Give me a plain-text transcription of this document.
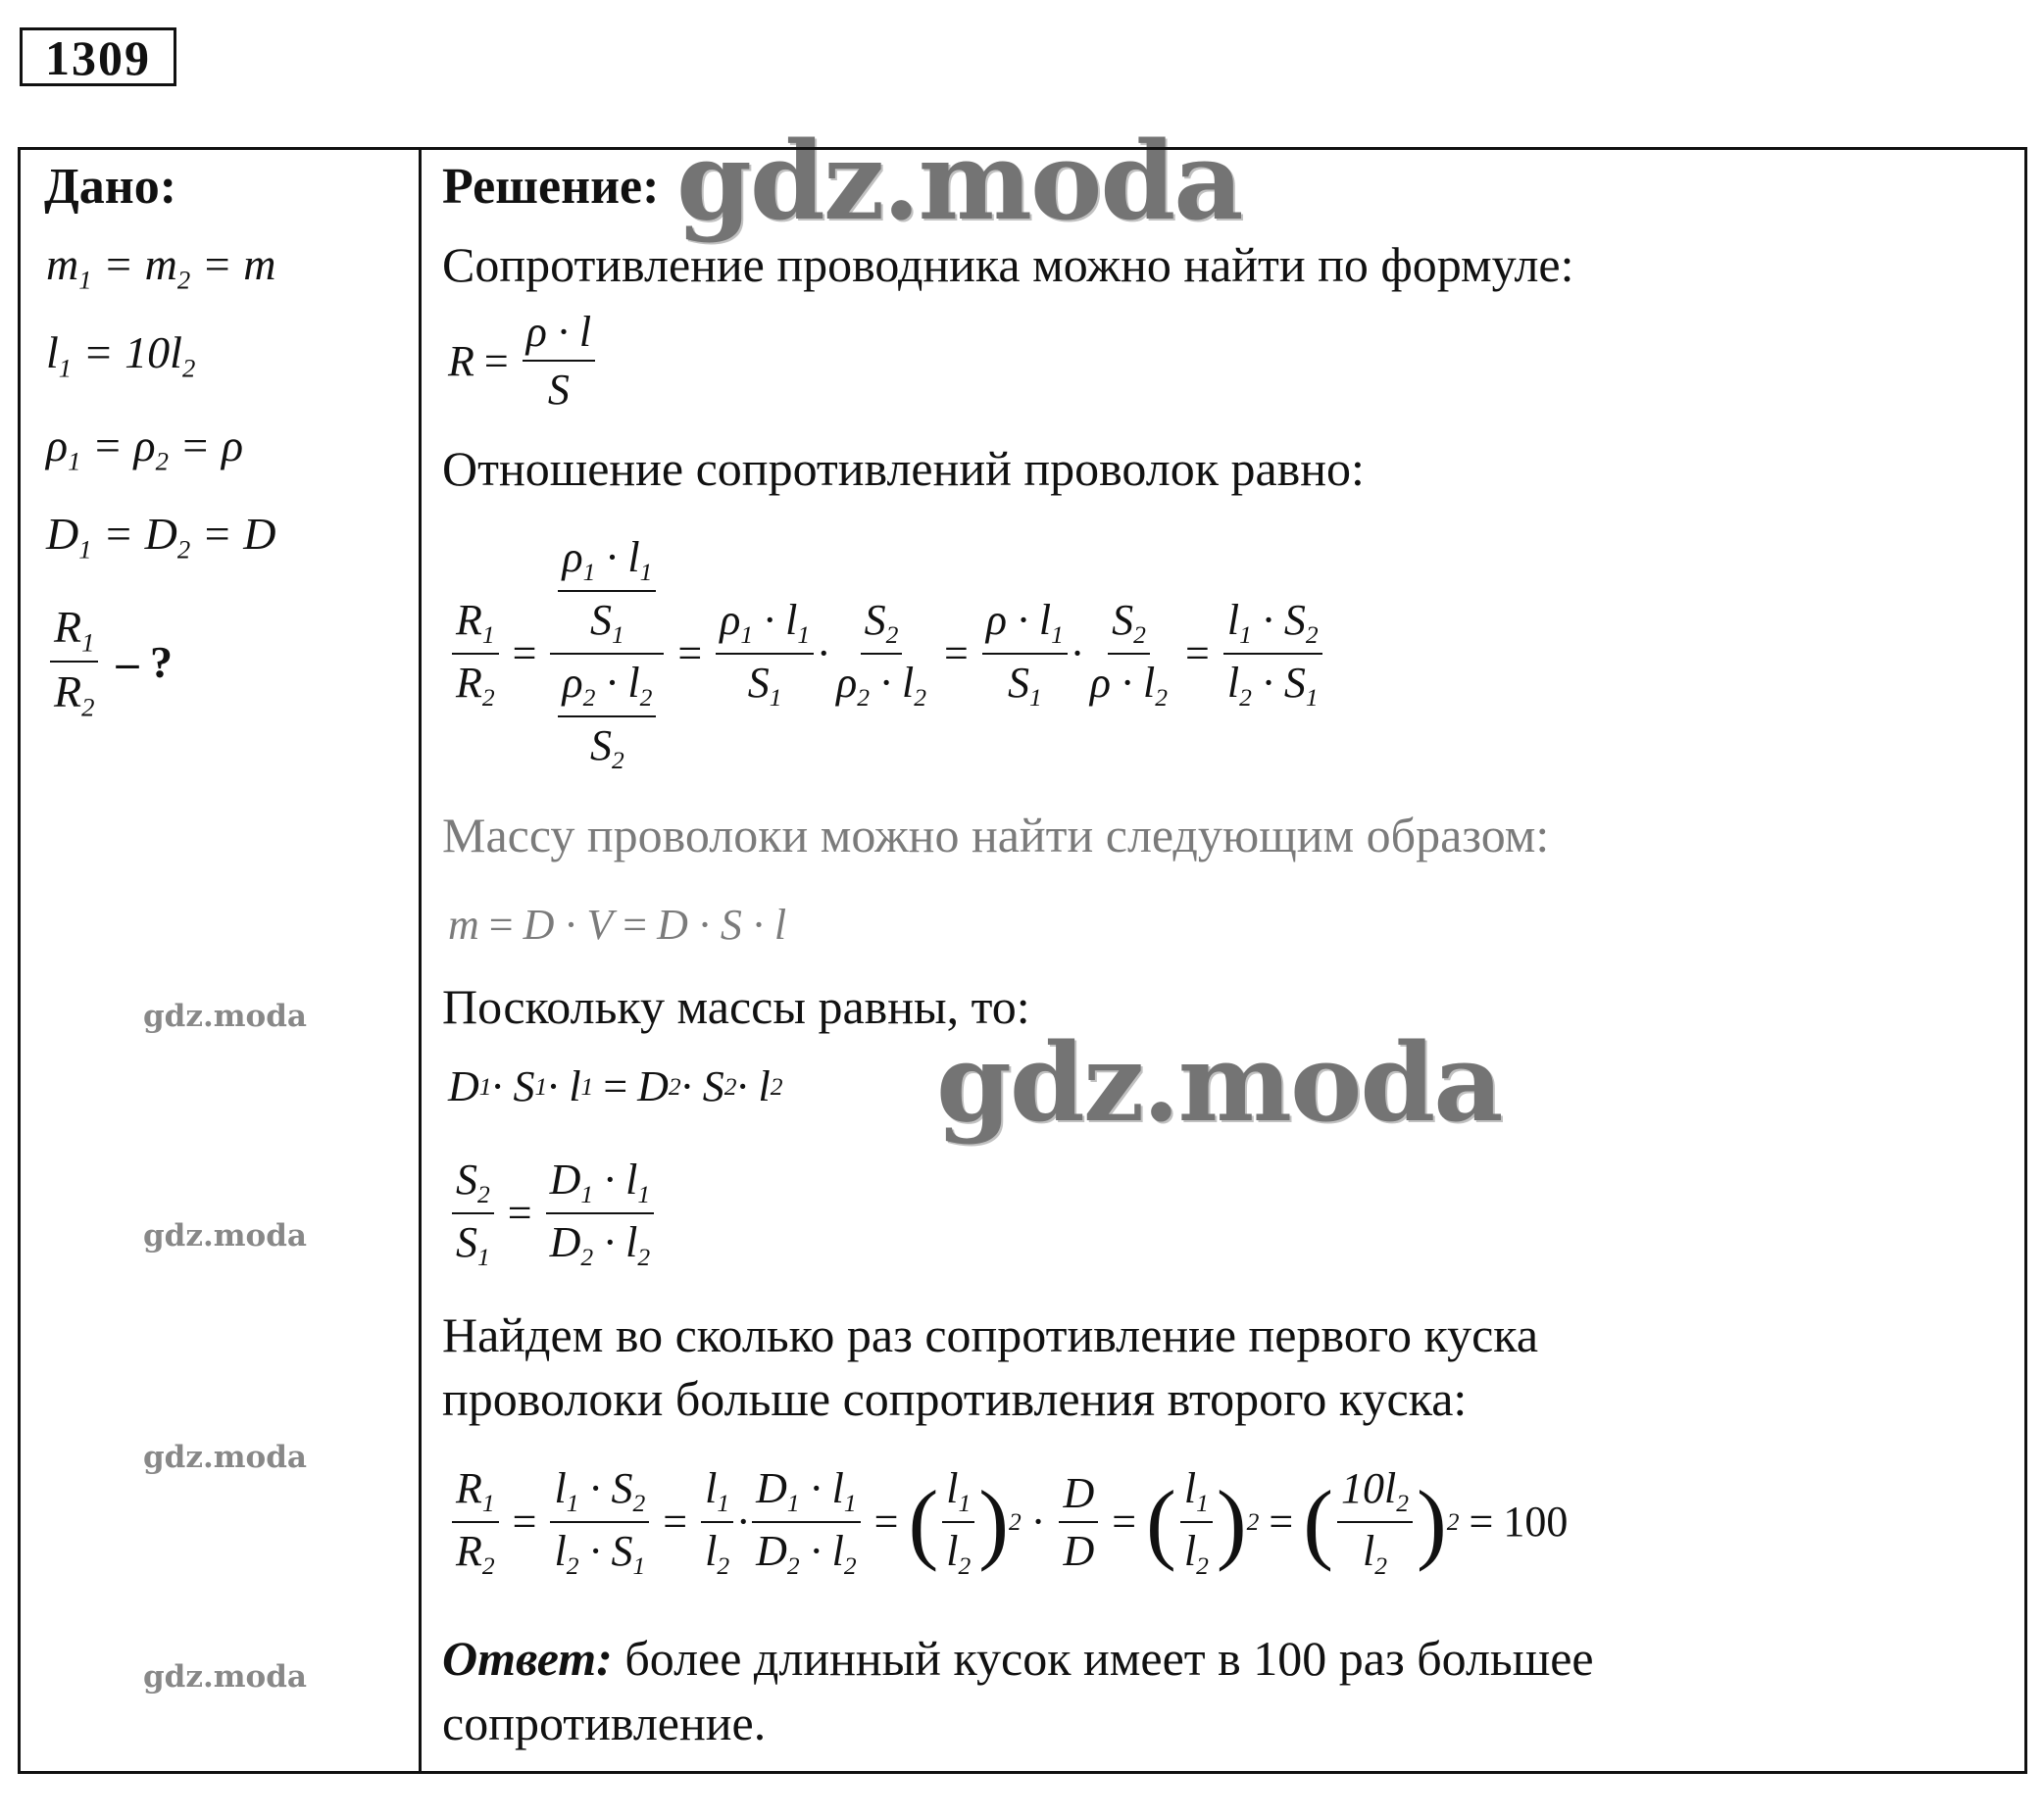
1309
gdz.moda
Дано:
$m_1 = m_2 = m$
$l_1 = 10l_2$
$\rho_1 = \rho_2 = \rho$
$D_1 = D_2 = D$
$\frac{R_1}{R_2}$ – ?
gdz.moda
gdz.moda
gdz.moda
gdz.moda
Решение:
Сопротивление проводника можно найти по формуле:
$R = \frac{\rho \cdot l}{S}$
Отношение сопротивлений проволок равно:
$\frac{R_1}{R_2} = \frac{\frac{\rho_1 \cdot l_1}{S_1}}{\frac{\rho_2 \cdot l_2}{S_2}} = \frac{\rho_1 \cdot l_1}{S_1} \cdot \frac{S_2}{\rho_2 \cdot l_2} = \frac{\rho \cdot l_1}{S_1} \cdot \frac{S_2}{\rho \cdot l_2} = \frac{l_1 \cdot S_2}{l_2 \cdot S_1}$
Массу проволоки можно найти следующим образом:
m = D · V = D · S · l
Поскольку массы равны, то:
D 1 · S 1 · l 1 = D 2 · S 2 · l 2
$\frac{S_2}{S_1} = \frac{D_1 \cdot l_1}{D_2 \cdot l_2}$
Найдем во сколько раз сопротивление первого куска
проволоки больше сопротивления второго куска:
$\frac{R_1}{R_2} = \frac{l_1 \cdot S_2}{l_2 \cdot S_1} = \frac{l_1}{l_2} \cdot \frac{D_1 \cdot l_1}{D_2 \cdot l_2}$ = ( $\frac{l_1}{l_2}$ ) $2 \cdot \frac{D}{D}$ = ( $\frac{l_1}{l_2}$ ) 2 = ( $\frac{10l_2}{l_2}$ ) 2 = 100
Ответ: более длинный кусок имеет в 100 раз большее
сопротивление.
gdz.moda
